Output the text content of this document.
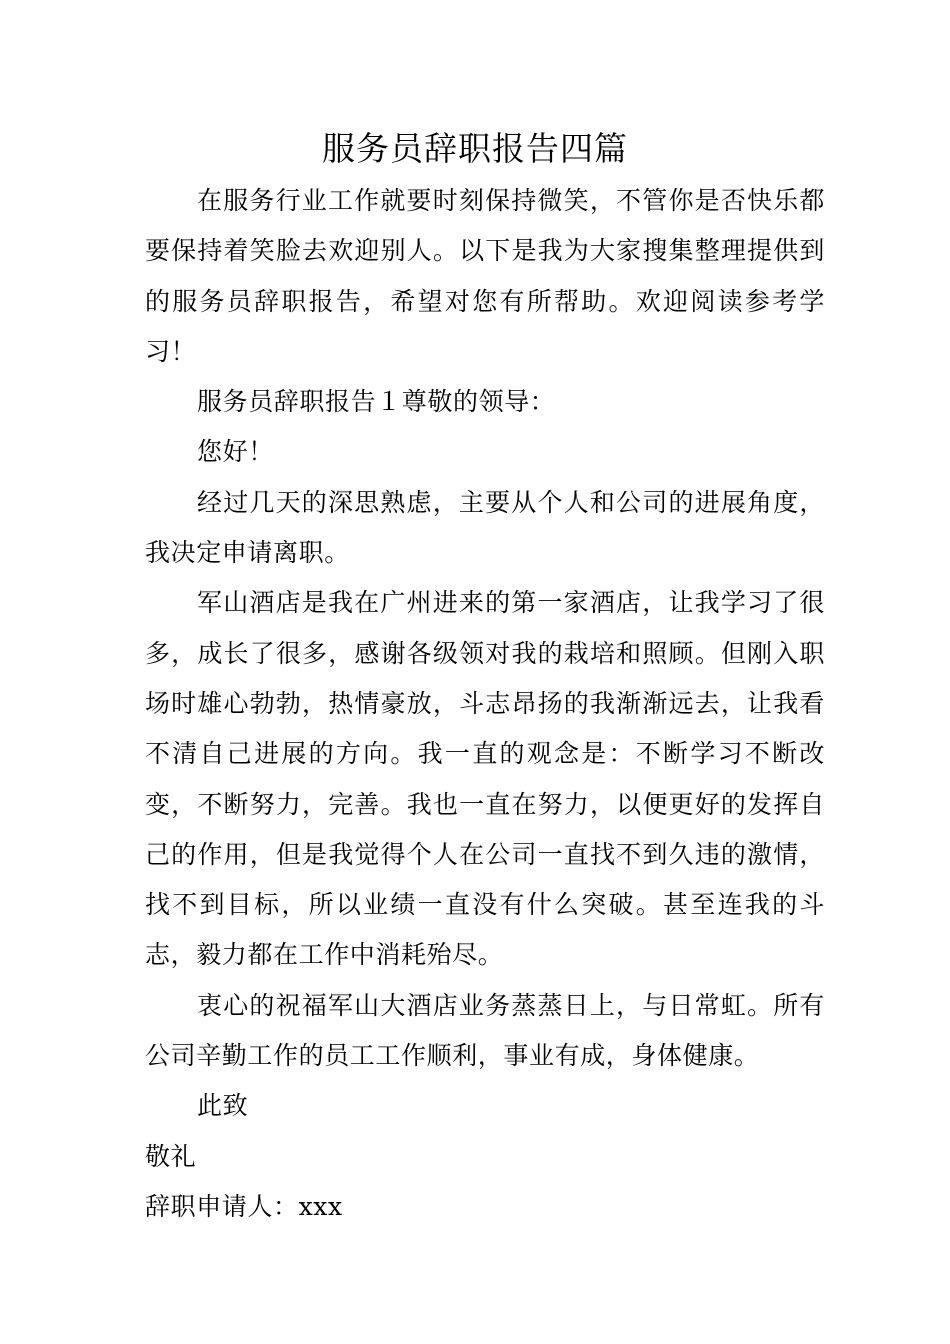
服务员辞职报告四篇

在服务行业工作就要时刻保持微笑，不管你是否快乐都要保持着笑脸去欢迎别人。以下是我为大家搜集整理提供到的服务员辞职报告，希望对您有所帮助。欢迎阅读参考学习！

服务员辞职报告１尊敬的领导：

您好！

经过几天的深思熟虑，主要从个人和公司的进展角度，我决定申请离职。

军山酒店是我在广州进来的第一家酒店，让我学习了很多，成长了很多，感谢各级领对我的栽培和照顾。但刚入职场时雄心勃勃，热情豪放，斗志昂扬的我渐渐远去，让我看不清自己进展的方向。我一直的观念是：不断学习不断改变，不断努力，完善。我也一直在努力，以便更好的发挥自己的作用，但是我觉得个人在公司一直找不到久违的激情，找不到目标，所以业绩一直没有什么突破。甚至连我的斗志，毅力都在工作中消耗殆尽。

衷心的祝福军山大酒店业务蒸蒸日上，与日常虹。所有公司辛勤工作的员工工作顺利，事业有成，身体健康。

此致

敬礼

辞职申请人：xxx
